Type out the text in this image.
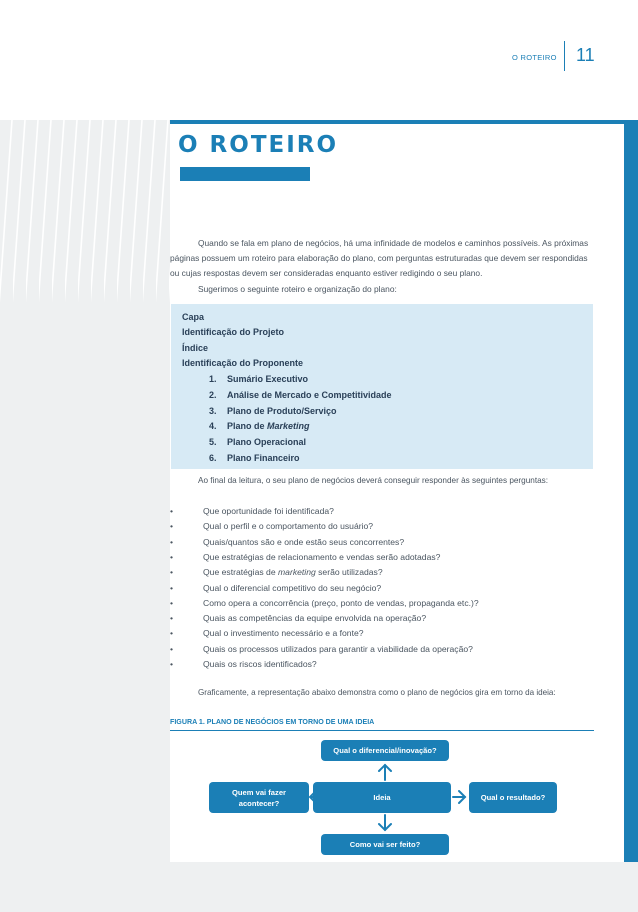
O ROTEIRO 11
O ROTEIRO

Quando se fala em plano de negócios, há uma infinidade de modelos e caminhos possíveis. As próximas páginas possuem um roteiro para elaboração do plano, com perguntas estruturadas que devem ser respondidas ou cujas respostas devem ser consideradas enquanto estiver redigindo o seu plano.

Sugerimos o seguinte roteiro e organização do plano:

Capa
Identificação do Projeto
Índice
Identificação do Proponente
1. Sumário Executivo
2. Análise de Mercado e Competitividade
3. Plano de Produto/Serviço
4. Plano de Marketing
5. Plano Operacional
6. Plano Financeiro

Ao final da leitura, o seu plano de negócios deverá conseguir responder às seguintes perguntas:

•	Que oportunidade foi identificada?
•	Qual o perfil e o comportamento do usuário?
•	Quais/quantos são e onde estão seus concorrentes?
•	Que estratégias de relacionamento e vendas serão adotadas?
•	Que estratégias de marketing serão utilizadas?
•	Qual o diferencial competitivo do seu negócio?
•	Como opera a concorrência (preço, ponto de vendas, propaganda etc.)?
•	Quais as competências da equipe envolvida na operação?
•	Qual o investimento necessário e a fonte?
•	Quais os processos utilizados para garantir a viabilidade da operação?
•	Quais os riscos identificados?

Graficamente, a representação abaixo demonstra como o plano de negócios gira em torno da ideia:

FIGURA 1. PLANO DE NEGÓCIOS EM TORNO DE UMA IDEIA
Qual o diferencial/inovação?
Ideia
Quem vai fazer acontecer?
Qual o resultado?
Como vai ser feito?
